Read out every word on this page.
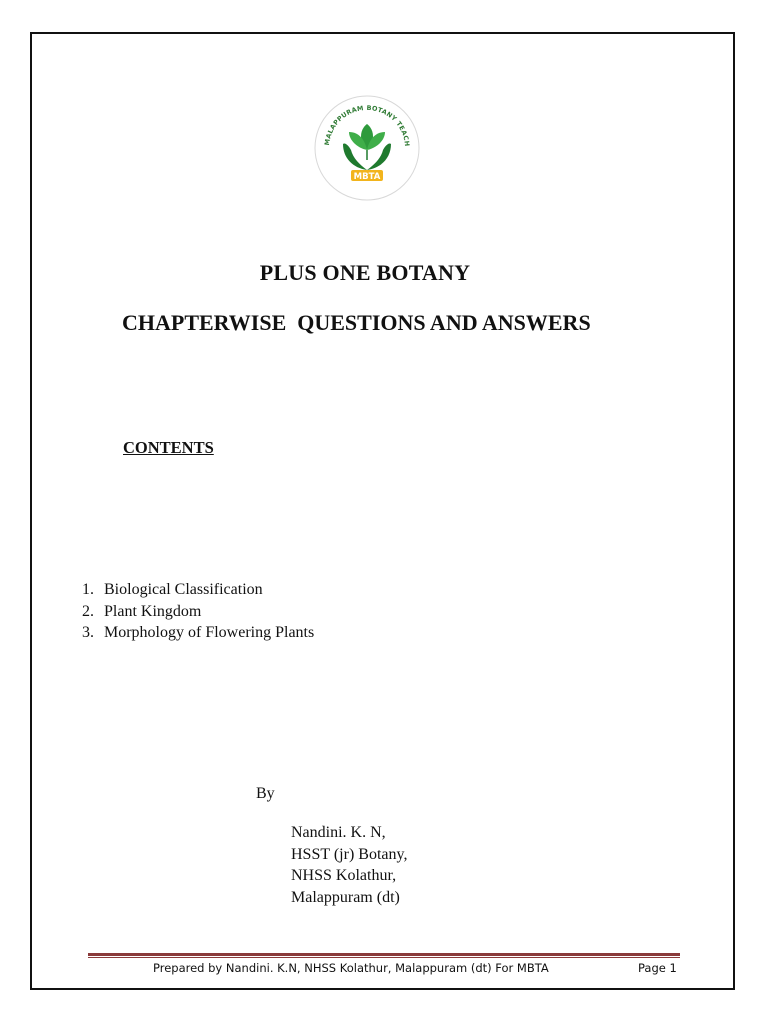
MALAPPURAM BOTANY TEACH
MBTA
PLUS ONE BOTANY
CHAPTERWISE  QUESTIONS AND ANSWERS
CONTENTS
1. Biological Classification
2. Plant Kingdom
3. Morphology of Flowering Plants
By
Nandini. K. N,
HSST (jr) Botany,
NHSS Kolathur,
Malappuram (dt)
Prepared by Nandini. K.N, NHSS Kolathur, Malappuram (dt) For MBTA	Page 1
